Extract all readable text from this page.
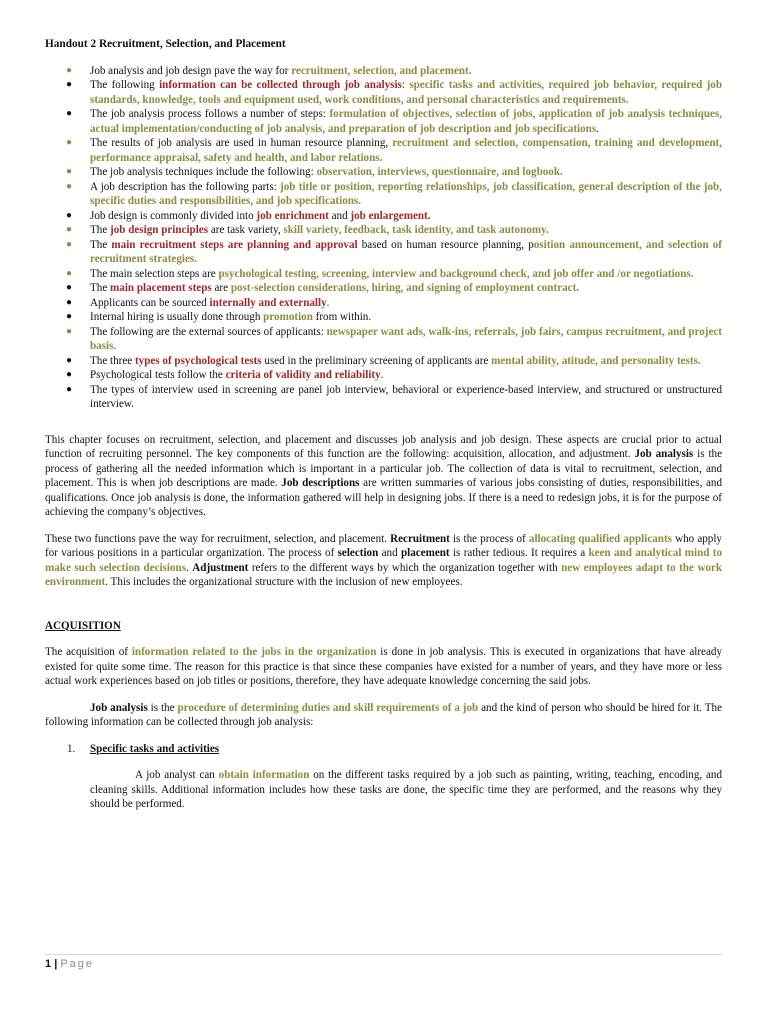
Handout 2 Recruitment, Selection, and Placement

● Job analysis and job design pave the way for recruitment, selection, and placement.
● The following information can be collected through job analysis: specific tasks and activities, required job behavior, required job standards, knowledge, tools and equipment used, work conditions, and personal characteristics and requirements.
● The job analysis process follows a number of steps: formulation of objectives, selection of jobs, application of job analysis techniques, actual implementation/conducting of job analysis, and preparation of job description and job specifications.
● The results of job analysis are used in human resource planning, recruitment and selection, compensation, training and development, performance appraisal, safety and health, and labor relations.
● The job analysis techniques include the following: observation, interviews, questionnaire, and logbook.
● A job description has the following parts: job title or position, reporting relationships, job classification, general description of the job, specific duties and responsibilities, and job specifications.
● Job design is commonly divided into job enrichment and job enlargement.
● The job design principles are task variety, skill variety, feedback, task identity, and task autonomy.
● The main recruitment steps are planning and approval based on human resource planning, position announcement, and selection of recruitment strategies.
● The main selection steps are psychological testing, screening, interview and background check, and job offer and /or negotiations.
● The main placement steps are post-selection considerations, hiring, and signing of employment contract.
● Applicants can be sourced internally and externally.
● Internal hiring is usually done through promotion from within.
● The following are the external sources of applicants: newspaper want ads, walk-ins, referrals, job fairs, campus recruitment, and project basis.
● The three types of psychological tests used in the preliminary screening of applicants are mental ability, atitude, and personality tests.
● Psychological tests follow the criteria of validity and reliability.
● The types of interview used in screening are panel job interview, behavioral or experience-based interview, and structured or unstructured interview.

This chapter focuses on recruitment, selection, and placement and discusses job analysis and job design. These aspects are crucial prior to actual function of recruiting personnel. The key components of this function are the following: acquisition, allocation, and adjustment. Job analysis is the process of gathering all the needed information which is important in a particular job. The collection of data is vital to recruitment, selection, and placement. This is when job descriptions are made. Job descriptions are written summaries of various jobs consisting of duties, responsibilities, and qualifications. Once job analysis is done, the information gathered will help in designing jobs. If there is a need to redesign jobs, it is for the purpose of achieving the company’s objectives.

These two functions pave the way for recruitment, selection, and placement. Recruitment is the process of allocating qualified applicants who apply for various positions in a particular organization. The process of selection and placement is rather tedious. It requires a keen and analytical mind to make such selection decisions. Adjustment refers to the different ways by which the organization together with new employees adapt to the work environment. This includes the organizational structure with the inclusion of new employees.

ACQUISITION

The acquisition of information related to the jobs in the organization is done in job analysis. This is executed in organizations that have already existed for quite some time. The reason for this practice is that since these companies have existed for a number of years, and they have more or less actual work experiences based on job titles or positions, therefore, they have adequate knowledge concerning the said jobs.

Job analysis is the procedure of determining duties and skill requirements of a job and the kind of person who should be hired for it. The following information can be collected through job analysis:

1.	Specific tasks and activities

A job analyst can obtain information on the different tasks required by a job such as painting, writing, teaching, encoding, and cleaning skills. Additional information includes how these tasks are done, the specific time they are performed, and the reasons why they should be performed.

1 | Page
